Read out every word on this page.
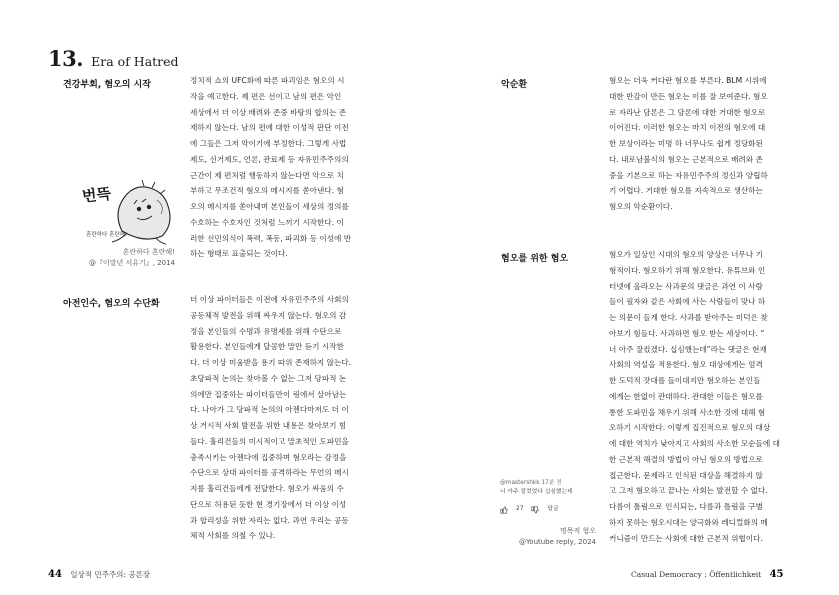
13. Era of Hatred
견강부회, 혐오의 시작	정치적 쇼의 UFC화에 따른 파괴임은 혐오의 시

작을 예고한다. 제 편은 선이고 남의 편은 악인

세상에서 더 이상 배려와 존중 바탕의 합의는 존

재하지 않는다. 남의 편에 대한 이성적 판단 이전

에 그들은 그저 악이기에 부정한다. 그렇게 사법

제도, 선거제도, 언론, 관료제 등 자유민주주의의

근간이 제 편처럼 행동하지 않는다면 악으로 치

부하고 무조건적 혐오의 메시지를 쏟아낸다. 혐

오의 메시지를 쏟아내며 본인들이 세상의 정의를

수호하는 수호자인 것처럼 느끼기 시작한다. 이

러한 선민의식이 폭력, 폭동, 파괴화 등 이성에 반

하는 형태로 표출되는 것이다.

번뜩
혼란하다 혼란해!
혼란하다 혼란해!
@『이말년 서유기』, 2014
아전인수, 혐오의 수단화	더 이상 파이터들은 이전에 자유민주주의 사회의

공동체적 발전을 위해 싸우지 않는다. 혐오의 감

정을 본인들의 수명과 유명세를 위해 수단으로

활용한다. 본인들에게 달콤한 말만 듣기 시작한

다. 더 이상 미움받을 용기 따위 존재하지 않는다.

초당파적 논의는 찾아볼 수 없는 그저 당파적 논

의에만 집중하는 파이터들만이 링에서 살아남는

다. 나아가 그 당파적 논의의 아젠다마저도 더 이

상 거시적 사회 발전을 위한 내용은 찾아보기 힘

들다. 훌리건들의 미시적이고 말초적인 도파민을

충족시키는 아젠다에 집중하며 혐오라는 감정을

수단으로 상대 파이터를 공격하라는 무언의 메시

지를 훌리건들에게 전달한다. 혐오가 싸움의 수

단으로 허용된 듯한 현 경기장에서 더 이상 이성

과 합리성을 위한 자리는 없다. 과연 우리는 공동

체적 사회를 의철 수 있나.

44 일상적 민주주의: 공론장
악순환	혐오는 더욱 커다란 혐오를 부른다. BLM 시위에

대한 반감이 만든 혐오는 이를 잘 보여준다. 혐오

로 자라난 담론은 그 담론에 대한 거대한 혐오로

이어진다. 이러한 혐오는 마치 이전의 혐오에 대

한 보상이라는 미명 하 너무나도 쉽게 정당화된

다. 내로남불식의 혐오는 근본적으로 배려와 존

중을 기본으로 하는 자유민주주의 정신과 양립하

기 어렵다. 거대한 혐오를 지속적으로 생산하는

혐오의 악순환이다.

혐오를 위한 혐오	혐오가 일상인 시대의 혐오의 양상은 너무나 기

형적이다. 혐오하기 위해 혐오한다. 유튜브와 인

터넷에 올라오는 사과문의 댓글은 과연 이 사람

들이 필자와 같은 사회에 사는 사람들이 맞나 하

는 의문이 들게 한다. 사과를 받아주는 미덕은 찾

아보기 힘들다. 사과하면 혐오 받는 세상이다. “

너 아주 잘컸겠다. 십심했는데”라는 댓글은 현재

사회의 역설을 적용한다. 혐오 대상에게는 엄격

한 도덕적 잣대를 들이대지만 혐오하는 본인들

에게는 한없이 관대하다. 관대한 이들은 혐오를

통한 도파민을 채우기 위해 사소한 것에 대해 혐

오하기 시작한다. 이렇게 집진적으로 혐오의 대상

에 대한 역치가 낮아지고 사회의 사소한 모순들에 대

한 근본적 해결의 방법이 아닌 혐오의 방법으로

접근한다. 문제라고 인식된 대상을 해결하지 않

고 그저 혐오하고 끝나는 사회는 발전할 수 없다.

다름이 틀림으로 인식되는, 다름과 틀림을 구별

하지 못하는 혐오시대는 양극화와 레디컬화의 메

커니즘이 만드는 사회에 대한 근본적 위협이다.

@mastershkk 17분 전
너 아주 잘컸었다 십심했는데
27	답글
명목적 혐오
@Youtube reply, 2024
Casual Democracy : Öffentlichkeit 45
